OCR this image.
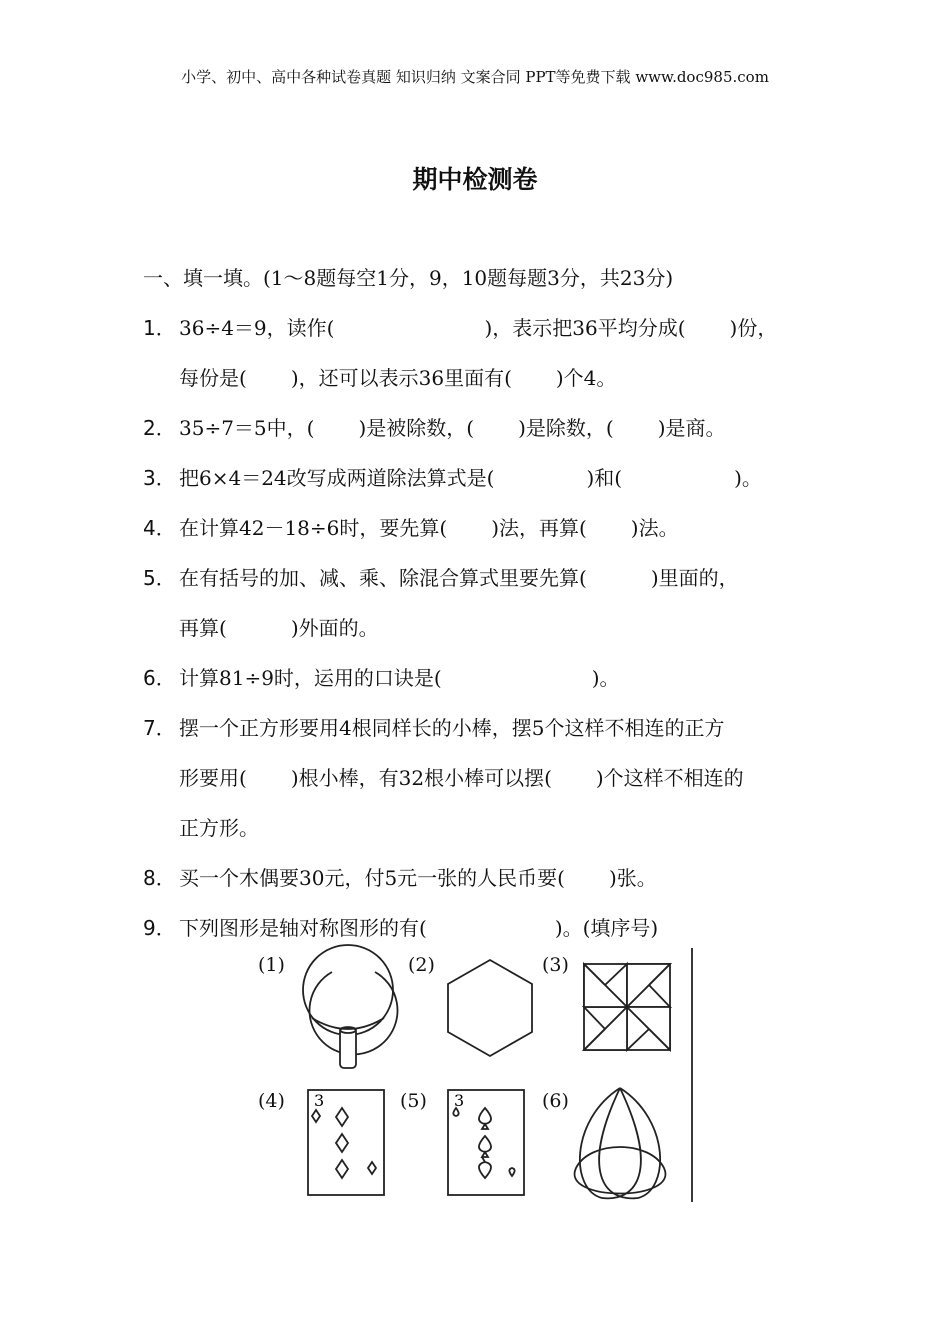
小学、初中、高中各种试卷真题 知识归纳 文案合同 PPT等免费下载 www.doc985.com
期中检测卷
一、填一填。(1～8题每空1分，9，10题每题3分，共23分)
1． 36÷4＝9，读作(	)，表示把36平均分成( )份，
每份是( )，还可以表示36里面有( )个4。
2． 35÷7＝5中，( )是被除数，( )是除数，( )是商。
3． 把6×4＝24改写成两道除法算式是(	)和(	)。
4． 在计算42－18÷6时，要先算( )法，再算( )法。
5． 在有括号的加、减、乘、除混合算式里要先算(	)里面的，
再算(	)外面的。
6． 计算81÷9时，运用的口诀是(	)。
7． 摆一个正方形要用4根同样长的小棒，摆5个这样不相连的正方
形要用( )根小棒，有32根小棒可以摆( )个这样不相连的
正方形。
8． 买一个木偶要30元，付5元一张的人民币要( )张。
9． 下列图形是轴对称图形的有(	)。(填序号)
3	3
(1)	(2)	(3)
(4)	(5)	(6)
